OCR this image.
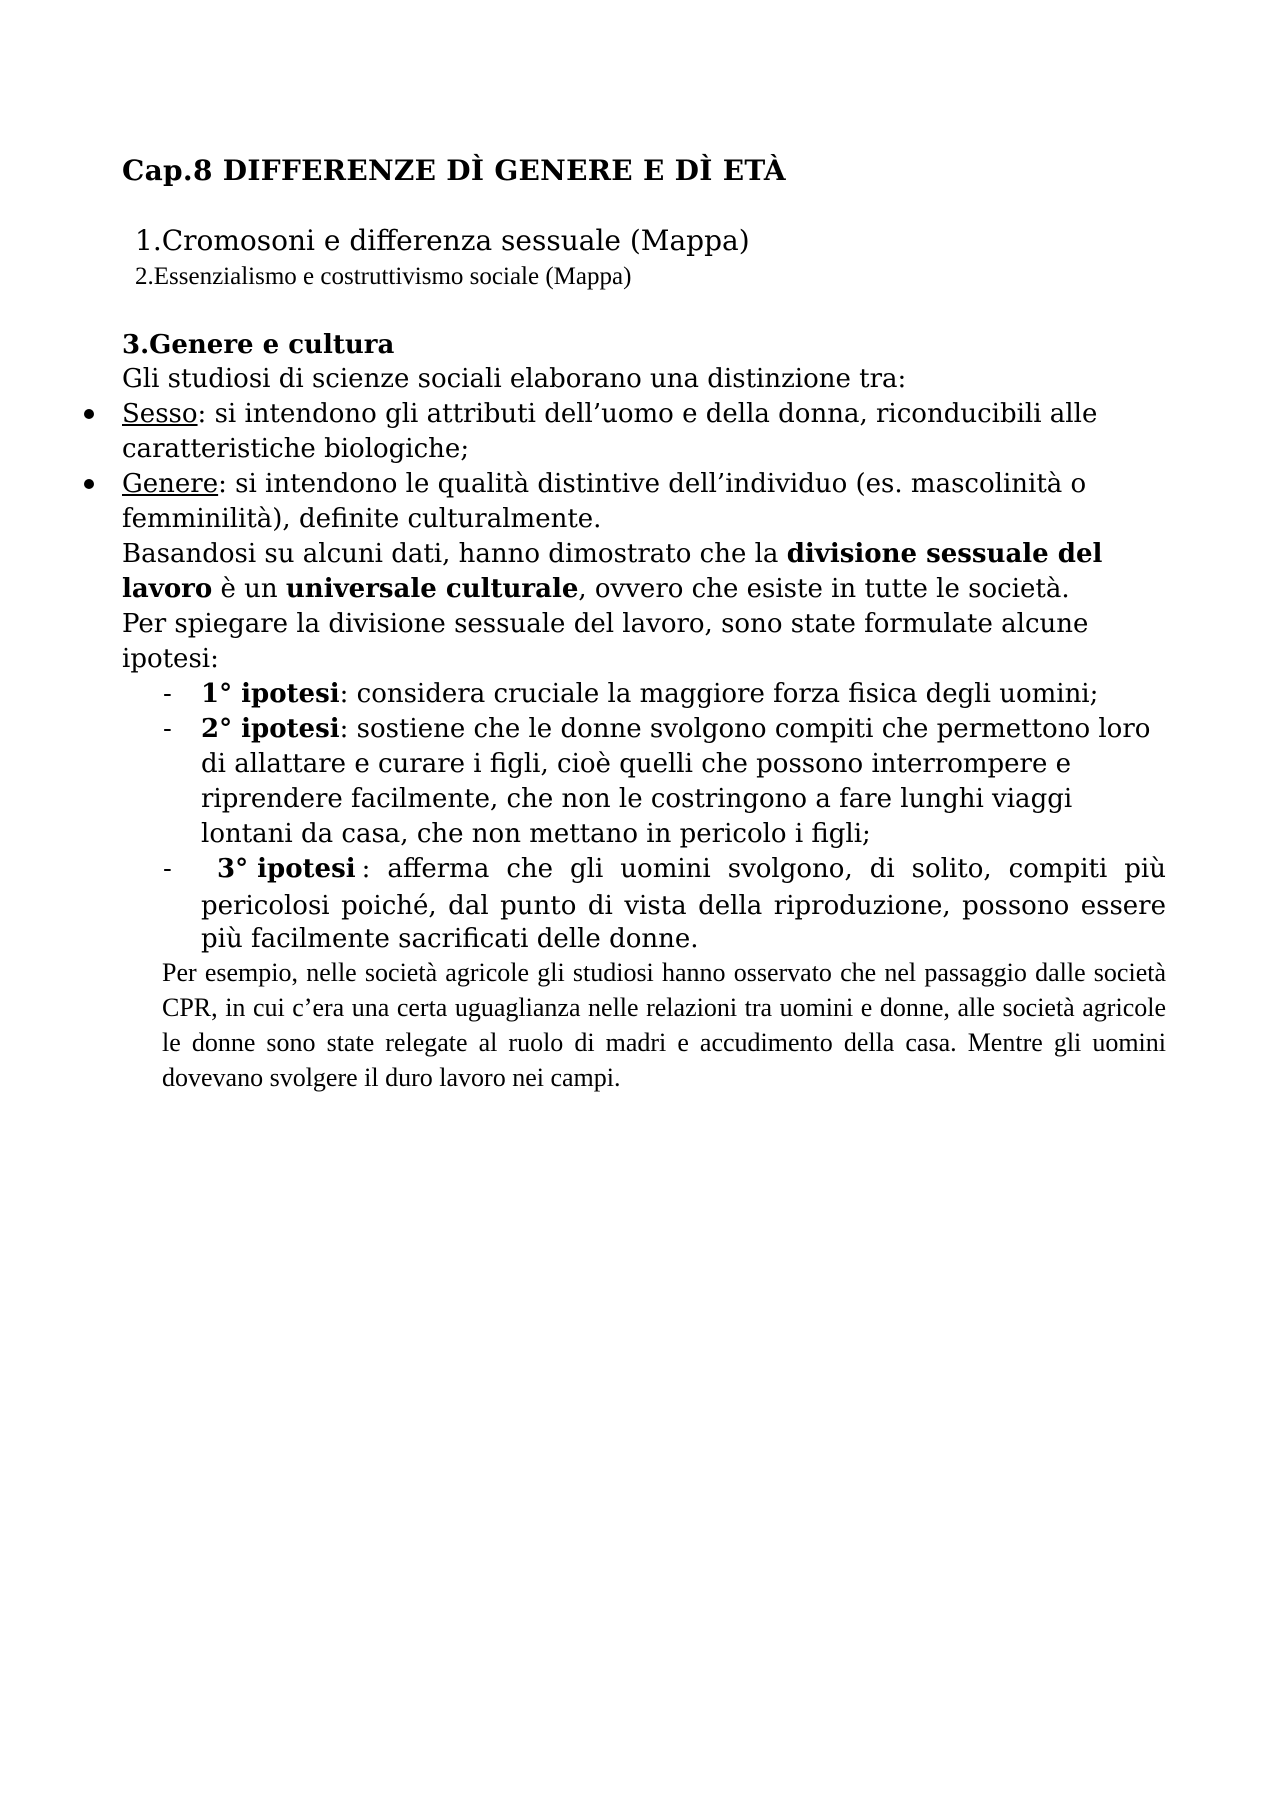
Cap.8 DIFFERENZE DÌ GENERE E DÌ ETÀ
1.Cromosoni e differenza sessuale (Mappa)
2.Essenzialismo e costruttivismo sociale (Mappa)
3.Genere e cultura
Gli studiosi di scienze sociali elaborano una distinzione tra:
Sesso: si intendono gli attributi dell’uomo e della donna, riconducibili alle
caratteristiche biologiche;
Genere: si intendono le qualità distintive dell’individuo (es. mascolinità o
femminilità), definite culturalmente.
Basandosi su alcuni dati, hanno dimostrato che la divisione sessuale del
lavoro è un universale culturale, ovvero che esiste in tutte le società.
Per spiegare la divisione sessuale del lavoro, sono state formulate alcune
ipotesi:
- 1° ipotesi: considera cruciale la maggiore forza fisica degli uomini;
- 2° ipotesi: sostiene che le donne svolgono compiti che permettono loro
di allattare e curare i figli, cioè quelli che possono interrompere e
riprendere facilmente, che non le costringono a fare lunghi viaggi
lontani da casa, che non mettano in pericolo i figli;
- 3° ipotesi : afferma che gli uomini svolgono, di solito, compiti più
pericolosi poiché, dal punto di vista della riproduzione, possono essere
più facilmente sacrificati delle donne.
Per esempio, nelle società agricole gli studiosi hanno osservato che nel passaggio dalle società CPR, in cui c’era una certa uguaglianza nelle relazioni tra uomini e donne, alle società agricole le donne sono state relegate al ruolo di madri e accudimento della casa. Mentre gli uomini dovevano svolgere il duro lavoro nei campi.
